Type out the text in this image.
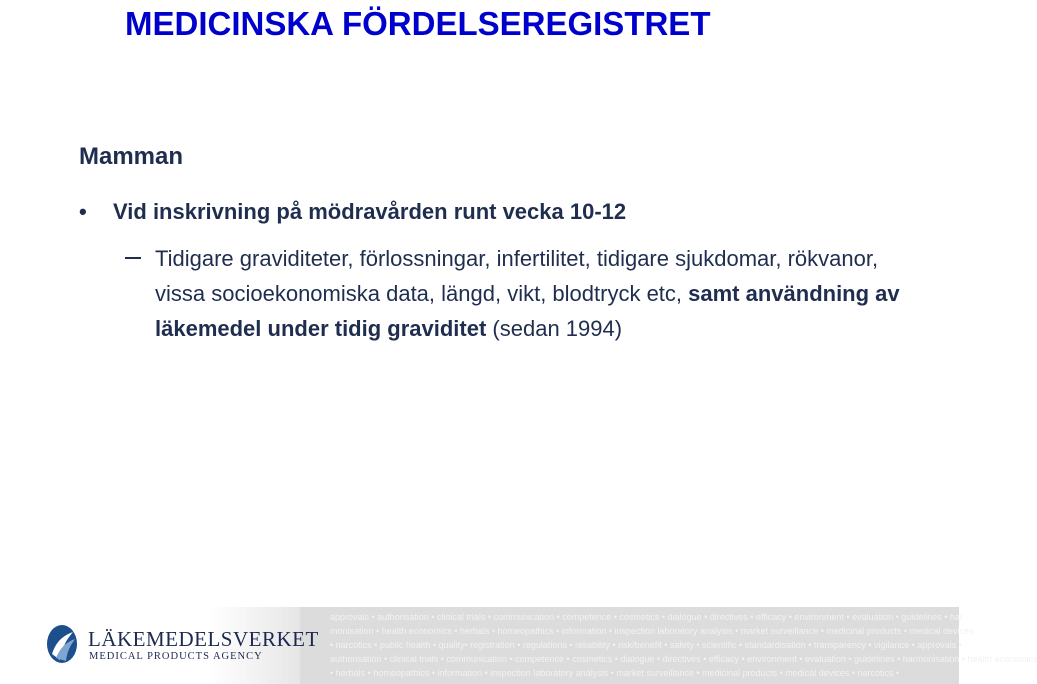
MEDICINSKA FÖRDELSEREGISTRET
Mamman
•	Vid inskrivning på mödravården runt vecka 10-12
Tidigare graviditeter, förlossningar, infertilitet, tidigare sjukdomar, rökvanor, vissa socioekonomiska data, längd, vikt, blodtryck etc, samt användning av läkemedel under tidig graviditet (sedan 1994)
LÄKEMEDELSVERKET
MEDICAL PRODUCTS AGENCY
approvals • authorisation • clinical trials • communication • competence • cosmetics • dialogue • directives • efficacy • environment • evaluation • guidelines • har
monisation • health economics • herbals • homeopathics • information • inspection laboratory analysis • market surveillance • medicinal products • medical devices
• narcotics • public health • quality• registration • regulations • reliability • risk/benefit • safety • scientific • standardisation • transparency • vigilance • approvals •
authorisation • clinical trials • communication • competence • cosmetics • dialogue • directives • efficacy • environment • evaluation • guidelines • harmonisation • health economics
• herbals • homeopathics • information • inspection laboratory analysis • market surveillance • medicinal products • medical devices • narcotics •
